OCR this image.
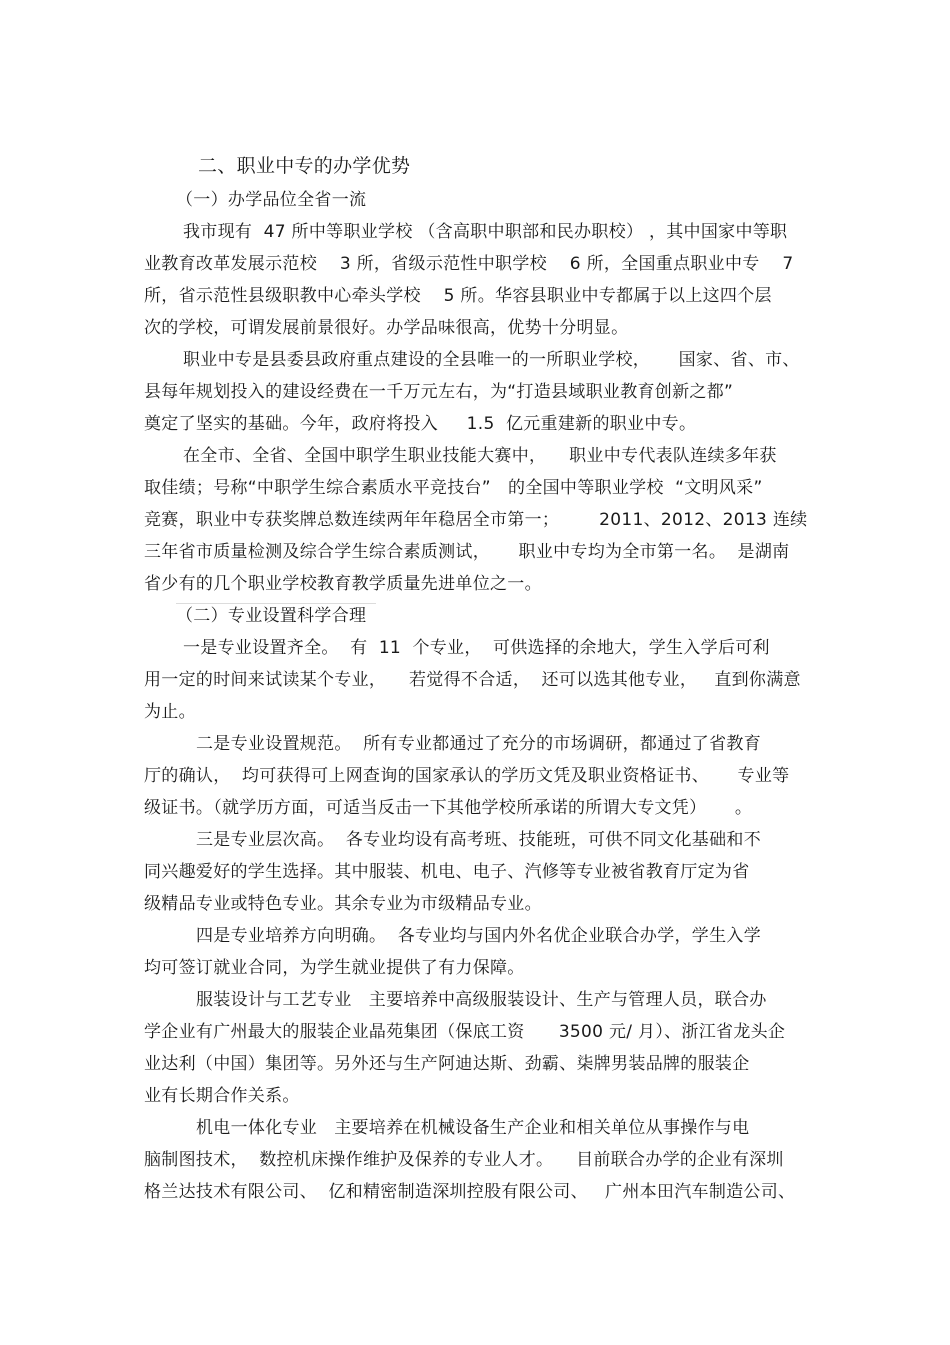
二、职业中专的办学优势
（一）办学品位全省一流
我市现有  47 所中等职业学校 （含高职中职部和民办职校） ，其中国家中等职
业教育改革发展示范校    3 所，省级示范性中职学校    6 所，全国重点职业中专    7
所，省示范性县级职教中心牵头学校    5 所。华容县职业中专都属于以上这四个层
次的学校，可谓发展前景很好。办学品味很高，优势十分明显。
职业中专是县委县政府重点建设的全县唯一的一所职业学校，     国家、省、市、
县每年规划投入的建设经费在一千万元左右，为“打造县域职业教育创新之都”
奠定了坚实的基础。今年，政府将投入     1.5  亿元重建新的职业中专。
在全市、全省、全国中职学生职业技能大赛中，    职业中专代表队连续多年获
取佳绩；号称“中职学生综合素质水平竞技台”   的全国中等职业学校  “文明风采”
竞赛，职业中专获奖牌总数连续两年年稳居全市第一；       2011、2012、2013 连续
三年省市质量检测及综合学生综合素质测试，     职业中专均为全市第一名。  是湖南
省少有的几个职业学校教育教学质量先进单位之一。
（二）专业设置科学合理
一是专业设置齐全。  有  11  个专业，  可供选择的余地大，学生入学后可利
用一定的时间来试读某个专业，    若觉得不合适，  还可以选其他专业，   直到你满意
为止。
二是专业设置规范。  所有专业都通过了充分的市场调研，都通过了省教育
厅的确认，  均可获得可上网查询的国家承认的学历文凭及职业资格证书、     专业等
级证书。（就学历方面，可适当反击一下其他学校所承诺的所谓大专文凭）     。
三是专业层次高。  各专业均设有高考班、技能班，可供不同文化基础和不
同兴趣爱好的学生选择。其中服装、机电、电子、汽修等专业被省教育厅定为省
级精品专业或特色专业。其余专业为市级精品专业。
四是专业培养方向明确。  各专业均与国内外名优企业联合办学，学生入学
均可签订就业合同，为学生就业提供了有力保障。
服装设计与工艺专业   主要培养中高级服装设计、生产与管理人员，联合办
学企业有广州最大的服装企业晶苑集团（保底工资      3500 元/ 月）、浙江省龙头企
业达利（中国）集团等。另外还与生产阿迪达斯、劲霸、柒牌男装品牌的服装企
业有长期合作关系。
机电一体化专业   主要培养在机械设备生产企业和相关单位从事操作与电
脑制图技术，  数控机床操作维护及保养的专业人才。    目前联合办学的企业有深圳
格兰达技术有限公司、  亿和精密制造深圳控股有限公司、   广州本田汽车制造公司、
